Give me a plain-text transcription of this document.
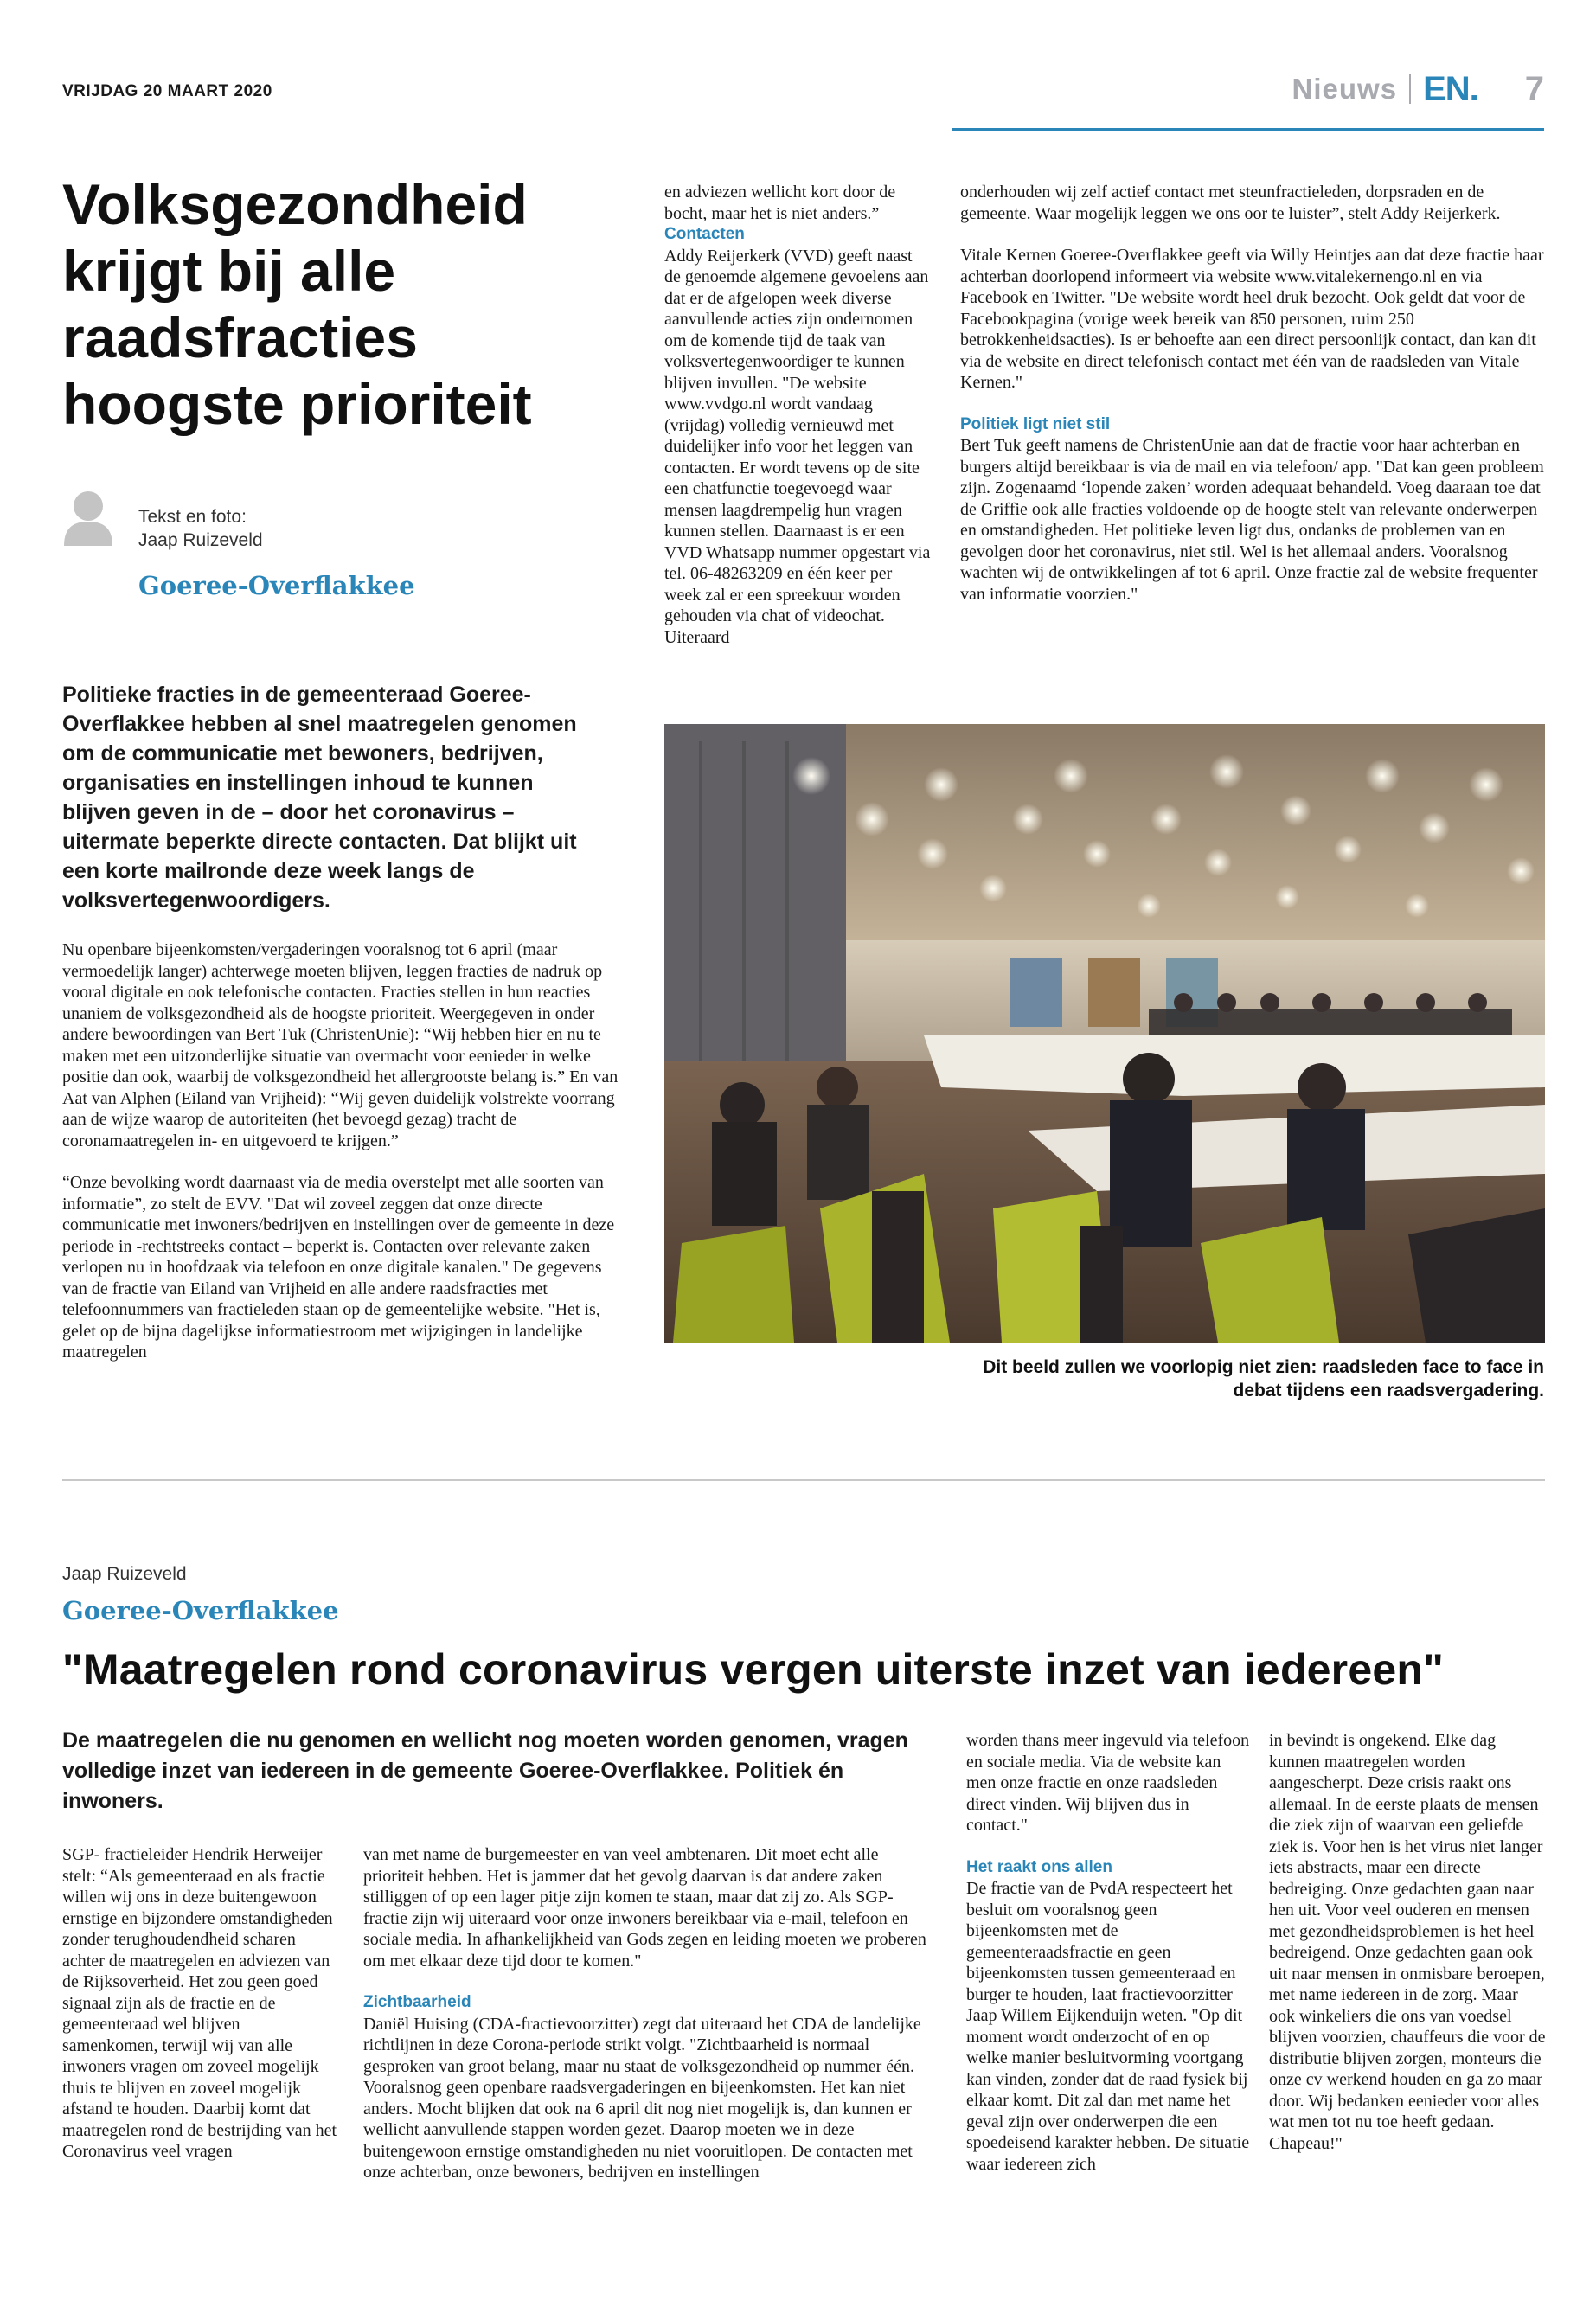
VRIJDAG 20 MAART 2020	Nieuws EN. 7
Volksgezondheid krijgt bij alle raadsfracties hoogste prioriteit
Tekst en foto:
Jaap Ruizeveld
Goeree-Overflakkee
Politieke fracties in de gemeenteraad Goeree-Overflakkee hebben al snel maatregelen genomen om de communicatie met bewoners, bedrijven, organisaties en instellingen inhoud te kunnen blijven geven in de – door het coronavirus – uitermate beperkte directe contacten. Dat blijkt uit een korte mailronde deze week langs de volksvertegenwoordigers.

Nu openbare bijeenkomsten/vergaderingen vooralsnog tot 6 april (maar vermoedelijk langer) achterwege moeten blijven, leggen fracties de nadruk op vooral digitale en ook telefonische contacten. Fracties stellen in hun reacties unaniem de volksgezondheid als de hoogste prioriteit. Weergegeven in onder andere bewoordingen van Bert Tuk (ChristenUnie): “Wij hebben hier en nu te maken met een uitzonderlijke situatie van overmacht voor eenieder in welke positie dan ook, waarbij de volksgezondheid het allergrootste belang is.” En van Aat van Alphen (Eiland van Vrijheid): “Wij geven duidelijk volstrekte voorrang aan de wijze waarop de autoriteiten (het bevoegd gezag) tracht de coronamaatregelen in- en uitgevoerd te krijgen.”

“Onze bevolking wordt daarnaast via de media overstelpt met alle soorten van informatie”, zo stelt de EVV. "Dat wil zoveel zeggen dat onze directe communicatie met inwoners/bedrijven en instellingen over de gemeente in deze periode in -rechtstreeks contact – beperkt is. Contacten over relevante zaken verlopen nu in hoofdzaak via telefoon en onze digitale kanalen." De gegevens van de fractie van Eiland van Vrijheid en alle andere raadsfracties met telefoonnummers van fractieleden staan op de gemeentelijke website. "Het is, gelet op de bijna dagelijkse informatiestroom met wijzigingen in landelijke maatregelen

en adviezen wellicht kort door de bocht, maar het is niet anders.”

Contacten

Addy Reijerkerk (VVD) geeft naast de genoemde algemene gevoelens aan dat er de afgelopen week diverse aanvullende acties zijn ondernomen om de komende tijd de taak van volksvertegenwoordiger te kunnen blijven invullen. "De website www.vvdgo.nl wordt vandaag (vrijdag) volledig vernieuwd met duidelijker info voor het leggen van contacten. Er wordt tevens op de site een chatfunctie toegevoegd waar mensen laagdrempelig hun vragen kunnen stellen. Daarnaast is er een VVD Whatsapp nummer opgestart via tel. 06-48263209 en één keer per week zal er een spreekuur worden gehouden via chat of videochat. Uiteraard

onderhouden wij zelf actief contact met steunfractieleden, dorpsraden en de gemeente. Waar mogelijk leggen we ons oor te luister”, stelt Addy Reijerkerk.

Vitale Kernen Goeree-Overflakkee geeft via Willy Heintjes aan dat deze fractie haar achterban doorlopend informeert via website www.vitalekernengo.nl en via Facebook en Twitter. "De website wordt heel druk bezocht. Ook geldt dat voor de Facebookpagina (vorige week bereik van 850 personen, ruim 250 betrokkenheidsacties). Is er behoefte aan een direct persoonlijk contact, dan kan dit via de website en direct telefonisch contact met één van de raadsleden van Vitale Kernen."

Politiek ligt niet stil

Bert Tuk geeft namens de ChristenUnie aan dat de fractie voor haar achterban en burgers altijd bereikbaar is via de mail en via telefoon/ app. "Dat kan geen probleem zijn. Zogenaamd ‘lopende zaken’ worden adequaat behandeld. Voeg daaraan toe dat de Griffie ook alle fracties voldoende op de hoogte stelt van relevante onderwerpen en omstandigheden. Het politieke leven ligt dus, ondanks de problemen van en gevolgen door het coronavirus, niet stil. Wel is het allemaal anders. Vooralsnog wachten wij de ontwikkelingen af tot 6 april. Onze fractie zal de website frequenter van informatie voorzien."

Dit beeld zullen we voorlopig niet zien: raadsleden face to face in debat tijdens een raadsvergadering.
Jaap Ruizeveld
Goeree-Overflakkee
"Maatregelen rond coronavirus vergen uiterste inzet van iedereen"
De maatregelen die nu genomen en wellicht nog moeten worden genomen, vragen volledige inzet van iedereen in de gemeente Goeree-Overflakkee. Politiek én inwoners.

SGP- fractieleider Hendrik Herweijer stelt: “Als gemeenteraad en als fractie willen wij ons in deze buitengewoon ernstige en bijzondere omstandigheden zonder terughoudendheid scharen achter de maatregelen en adviezen van de Rijksoverheid. Het zou geen goed signaal zijn als de fractie en de gemeenteraad wel blijven samenkomen, terwijl wij van alle inwoners vragen om zoveel mogelijk thuis te blijven en zoveel mogelijk afstand te houden. Daarbij komt dat maatregelen rond de bestrijding van het Coronavirus veel vragen

van met name de burgemeester en van veel ambtenaren. Dit moet echt alle prioriteit hebben. Het is jammer dat het gevolg daarvan is dat andere zaken stilliggen of op een lager pitje zijn komen te staan, maar dat zij zo. Als SGP-fractie zijn wij uiteraard voor onze inwoners bereikbaar via e-mail, telefoon en sociale media. In afhankelijkheid van Gods zegen en leiding moeten we proberen om met elkaar deze tijd door te komen."

Zichtbaarheid

Daniël Huising (CDA-fractievoorzitter) zegt dat uiteraard het CDA de landelijke richtlijnen in deze Corona-periode strikt volgt. "Zichtbaarheid is normaal gesproken van groot belang, maar nu staat de volksgezondheid op nummer één. Vooralsnog geen openbare raadsvergaderingen en bijeenkomsten. Het kan niet anders. Mocht blijken dat ook na 6 april dit nog niet mogelijk is, dan kunnen er wellicht aanvullende stappen worden gezet. Daarop moeten we in deze buitengewoon ernstige omstandigheden nu niet vooruitlopen. De contacten met onze achterban, onze bewoners, bedrijven en instellingen

worden thans meer ingevuld via telefoon en sociale media. Via de website kan men onze fractie en onze raadsleden direct vinden. Wij blijven dus in contact."

Het raakt ons allen

De fractie van de PvdA respecteert het besluit om vooralsnog geen bijeenkomsten met de gemeenteraadsfractie en geen bijeenkomsten tussen gemeenteraad en burger te houden, laat fractievoorzitter Jaap Willem Eijkenduijn weten. "Op dit moment wordt onderzocht of en op welke manier besluitvorming voortgang kan vinden, zonder dat de raad fysiek bij elkaar komt. Dit zal dan met name het geval zijn over onderwerpen die een spoedeisend karakter hebben. De situatie waar iedereen zich

in bevindt is ongekend. Elke dag kunnen maatregelen worden aangescherpt. Deze crisis raakt ons allemaal. In de eerste plaats de mensen die ziek zijn of waarvan een geliefde ziek is. Voor hen is het virus niet langer iets abstracts, maar een directe bedreiging. Onze gedachten gaan naar hen uit. Voor veel ouderen en mensen met gezondheidsproblemen is het heel bedreigend. Onze gedachten gaan ook uit naar mensen in onmisbare beroepen, met name iedereen in de zorg. Maar ook winkeliers die ons van voedsel blijven voorzien, chauffeurs die voor de distributie blijven zorgen, monteurs die onze cv werkend houden en ga zo maar door. Wij bedanken eenieder voor alles wat men tot nu toe heeft gedaan. Chapeau!"
